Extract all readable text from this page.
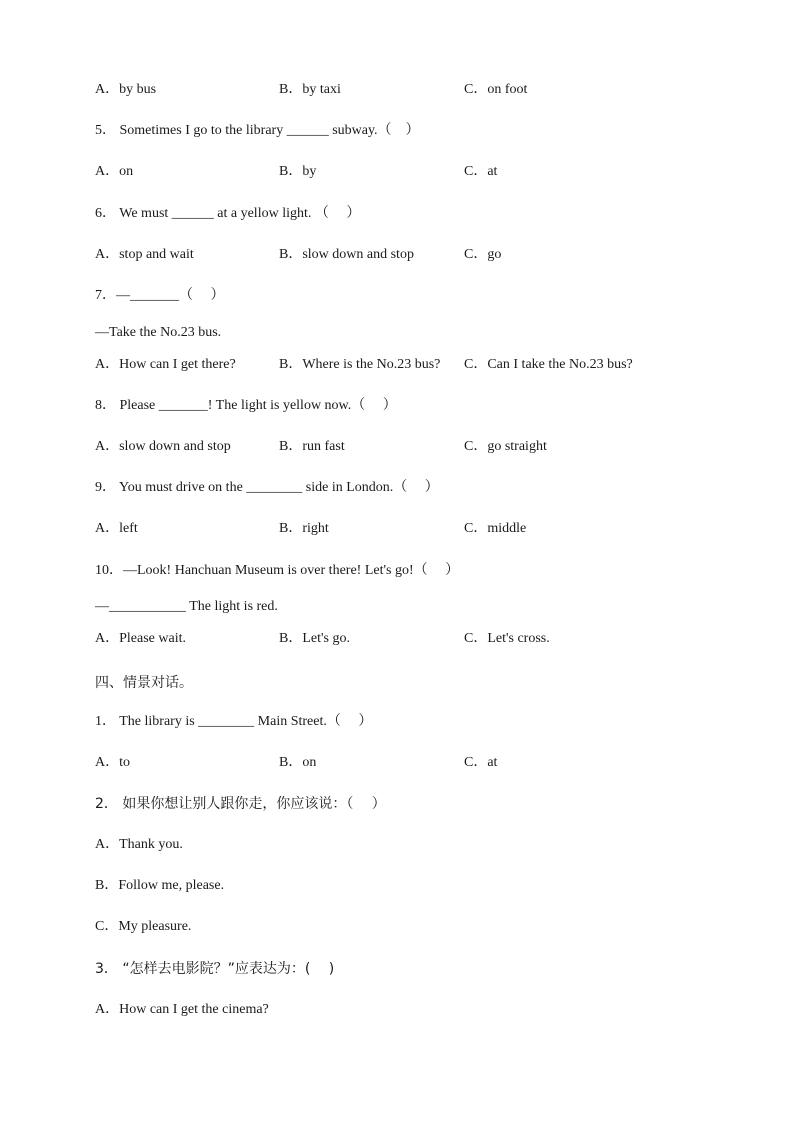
A．by bus	B．by taxi	C．on foot
5． Sometimes I go to the library ______ subway.（　）
A．on	B．by	C．at
6． We must ______ at a yellow light. （　 ）
A．stop and wait	B．slow down and stop	C．go
7．—_______（　 ）
—Take the No.23 bus.
A．How can I get there?	B．Where is the No.23 bus? C．Can I take the No.23 bus?
8． Please _______! The light is yellow now.（　 ）
A．slow down and stop	B．run fast	C．go straight
9． You must drive on the ________ side in London.（　 ）
A．left	B．right	C．middle
10．—Look! Hanchuan Museum is over there! Let's go!（　 ）
—___________ The light is red.
A．Please wait.	B．Let's go.	C．Let's cross.
四、情景对话。
1． The library is ________ Main Street.（　 ）
A．to	B．on	C．at
2． 如果你想让别人跟你走，你应该说：（　 ）
A．Thank you.
B．Follow me, please.
C．My pleasure.
3． “怎样去电影院？”应表达为：(　 )
A．How can I get the cinema?
